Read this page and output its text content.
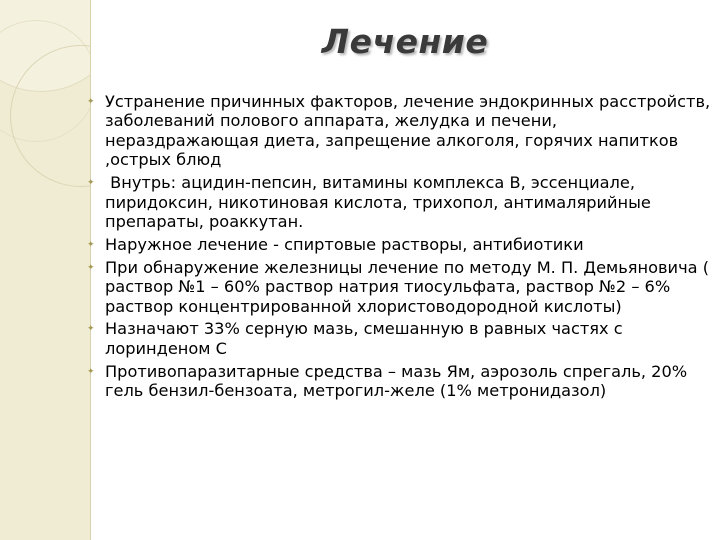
Лечение
✦ Устранение причинных факторов, лечение эндокринных расстройств, заболеваний полового аппарата, желудка и печени, нераздражающая диета, запрещение алкоголя, горячих напитков ,острых блюд
✦ Внутрь: ацидин-пепсин, витамины комплекса В, эссенциале, пиридоксин, никотиновая кислота, трихопол, антималярийные препараты, роаккутан.
✦ Наружное лечение - спиртовые растворы, антибиотики
✦ При обнаружение железницы лечение по методу М. П. Демьяновича ( раствор №1 – 60% раствор натрия тиосульфата, раствор №2 – 6% раствор концентрированной хлористоводородной кислоты)
✦ Назначают 33% серную мазь, смешанную в равных частях с лоринденом С
✦ Противопаразитарные средства – мазь Ям, аэрозоль спрегаль, 20% гель бензил-бензоата, метрогил-желе (1% метронидазол)
